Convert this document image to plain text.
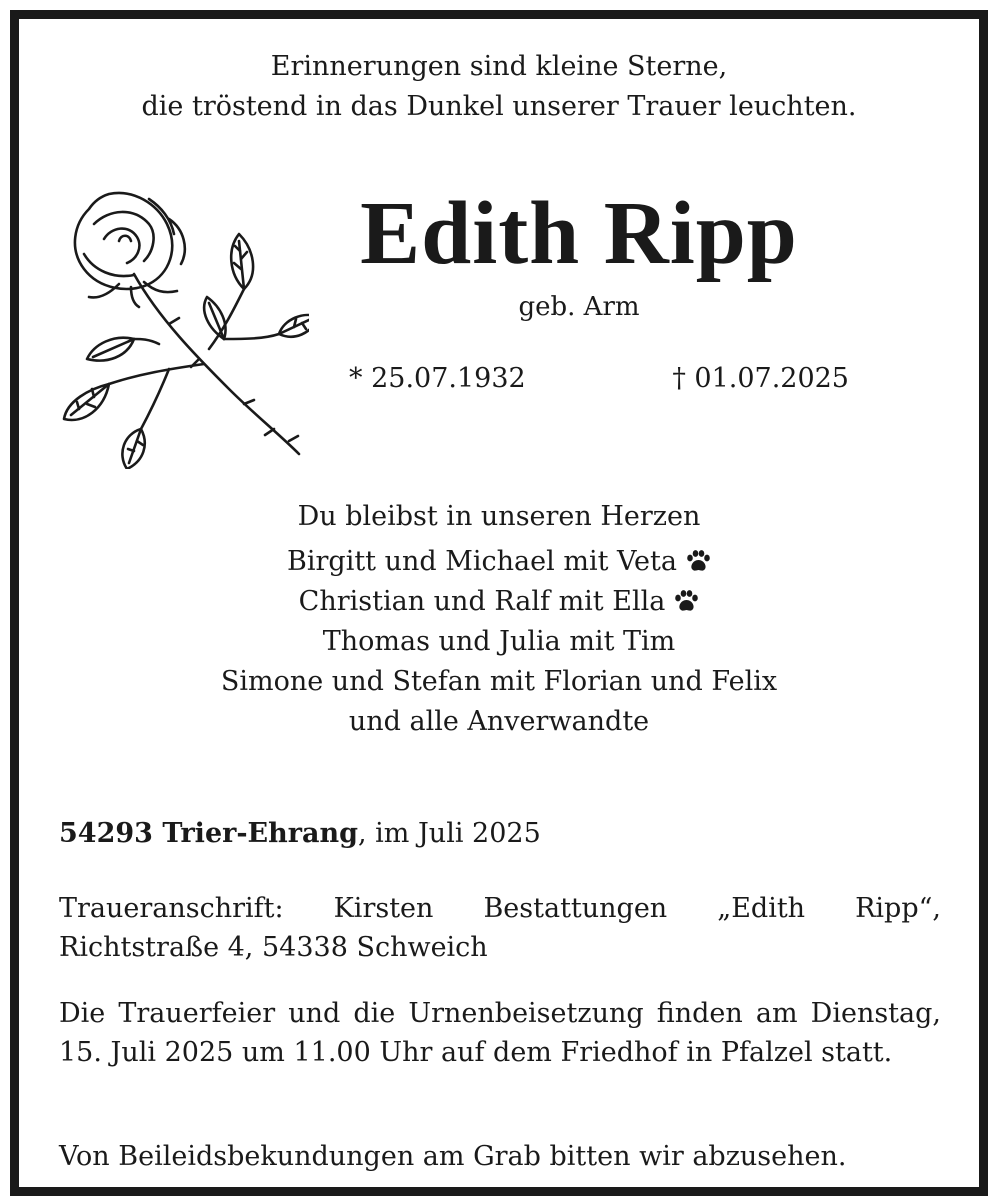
Erinnerungen sind kleine Sterne,
die tröstend in das Dunkel unserer Trauer leuchten.
Edith Ripp
geb. Arm
* 25.07.1932	† 01.07.2025
Du bleibst in unseren Herzen
Birgitt und Michael mit Veta
Christian und Ralf mit Ella
Thomas und Julia mit Tim
Simone und Stefan mit Florian und Felix
und alle Anverwandte
54293 Trier-Ehrang, im Juli 2025
Traueranschrift: Kirsten Bestattungen „Edith Ripp“, Richtstraße 4, 54338 Schweich
Die Trauerfeier und die Urnenbeisetzung finden am Dienstag, 15. Juli 2025 um 11.00 Uhr auf dem Friedhof in Pfalzel statt.
Von Beileidsbekundungen am Grab bitten wir abzusehen.
